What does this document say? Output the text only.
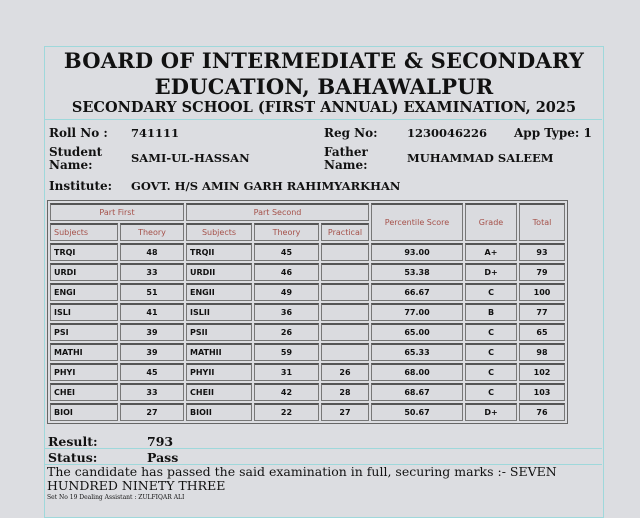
BOARD OF INTERMEDIATE & SECONDARY
EDUCATION, BAHAWALPUR
SECONDARY SCHOOL (FIRST ANNUAL) EXAMINATION, 2025
Roll No : 741111	Reg No:	1230046226 App Type: 1
Student
Name:	SAMI-UL-HASSAN	Father
Name:	MUHAMMAD SALEEM
Institute: GOVT. H/S AMIN GARH RAHIMYARKHAN
Part First		Part Second			Percentile Score	Grade	Total
Subjects	Theory	Subjects	Theory	Practical			
TRQI	48	TRQII	45		93.00	A+	93
URDI	33	URDII	46		53.38	D+	79
ENGI	51	ENGII	49		66.67	C	100
ISLI	41	ISLII	36		77.00	B	77
PSI	39	PSII	26		65.00	C	65
MATHI	39	MATHII	59		65.33	C	98
PHYI	45	PHYII	31	26	68.00	C	102
CHEI	33	CHEII	42	28	68.67	C	103
BIOI	27	BIOII	22	27	50.67	D+	76
Result:	793
Status:	Pass
The candidate has passed the said examination in full, securing marks :- SEVEN HUNDRED NINETY THREE
Set No 19 Dealing Assistant : ZULFIQAR ALI
